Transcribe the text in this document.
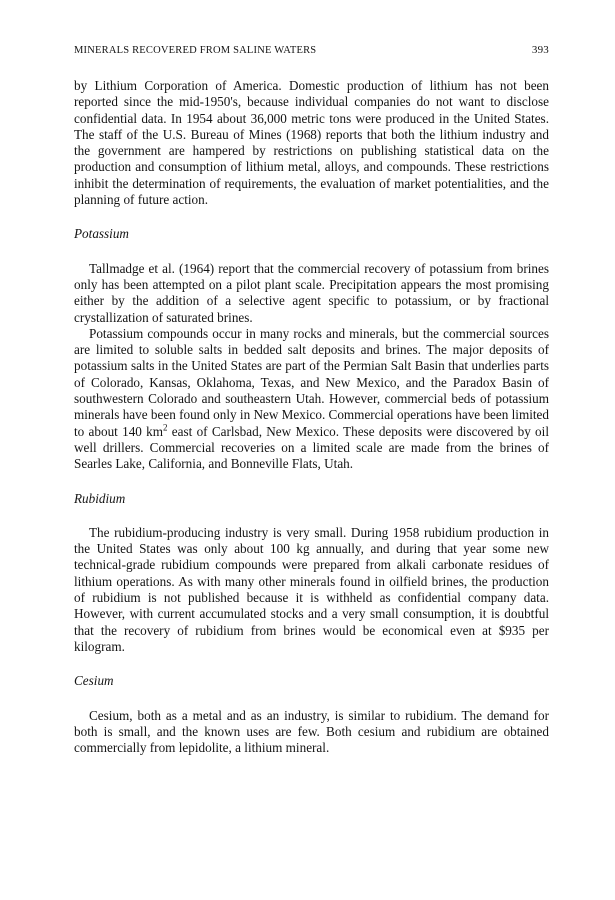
MINERALS RECOVERED FROM SALINE WATERS	393

by Lithium Corporation of America. Domestic production of lithium has not been reported since the mid-1950's, because individual companies do not want to disclose confidential data. In 1954 about 36,000 metric tons were produced in the United States. The staff of the U.S. Bureau of Mines (1968) reports that both the lithium industry and the government are hampered by restrictions on publishing statistical data on the production and consumption of lithium metal, alloys, and compounds. These restrictions inhibit the determination of requirements, the evaluation of market potentialities, and the planning of future action.

Potassium

Tallmadge et al. (1964) report that the commercial recovery of potassium from brines only has been attempted on a pilot plant scale. Precipitation appears the most promising either by the addition of a selective agent specific to potassium, or by fractional crystallization of saturated brines.

Potassium compounds occur in many rocks and minerals, but the commercial sources are limited to soluble salts in bedded salt deposits and brines. The major deposits of potassium salts in the United States are part of the Permian Salt Basin that underlies parts of Colorado, Kansas, Oklahoma, Texas, and New Mexico, and the Paradox Basin of southwestern Colorado and southeastern Utah. However, commercial beds of potassium minerals have been found only in New Mexico. Commercial operations have been limited to about 140 $km^2$ east of Carlsbad, New Mexico. These deposits were discovered by oil well drillers. Commercial recoveries on a limited scale are made from the brines of Searles Lake, California, and Bonneville Flats, Utah.

Rubidium

The rubidium-producing industry is very small. During 1958 rubidium production in the United States was only about 100 kg annually, and during that year some new technical-grade rubidium compounds were prepared from alkali carbonate residues of lithium operations. As with many other minerals found in oilfield brines, the production of rubidium is not published because it is withheld as confidential company data. However, with current accumulated stocks and a very small consumption, it is doubtful that the recovery of rubidium from brines would be economical even at $935 per kilogram.

Cesium

Cesium, both as a metal and as an industry, is similar to rubidium. The demand for both is small, and the known uses are few. Both cesium and rubidium are obtained commercially from lepidolite, a lithium mineral.
